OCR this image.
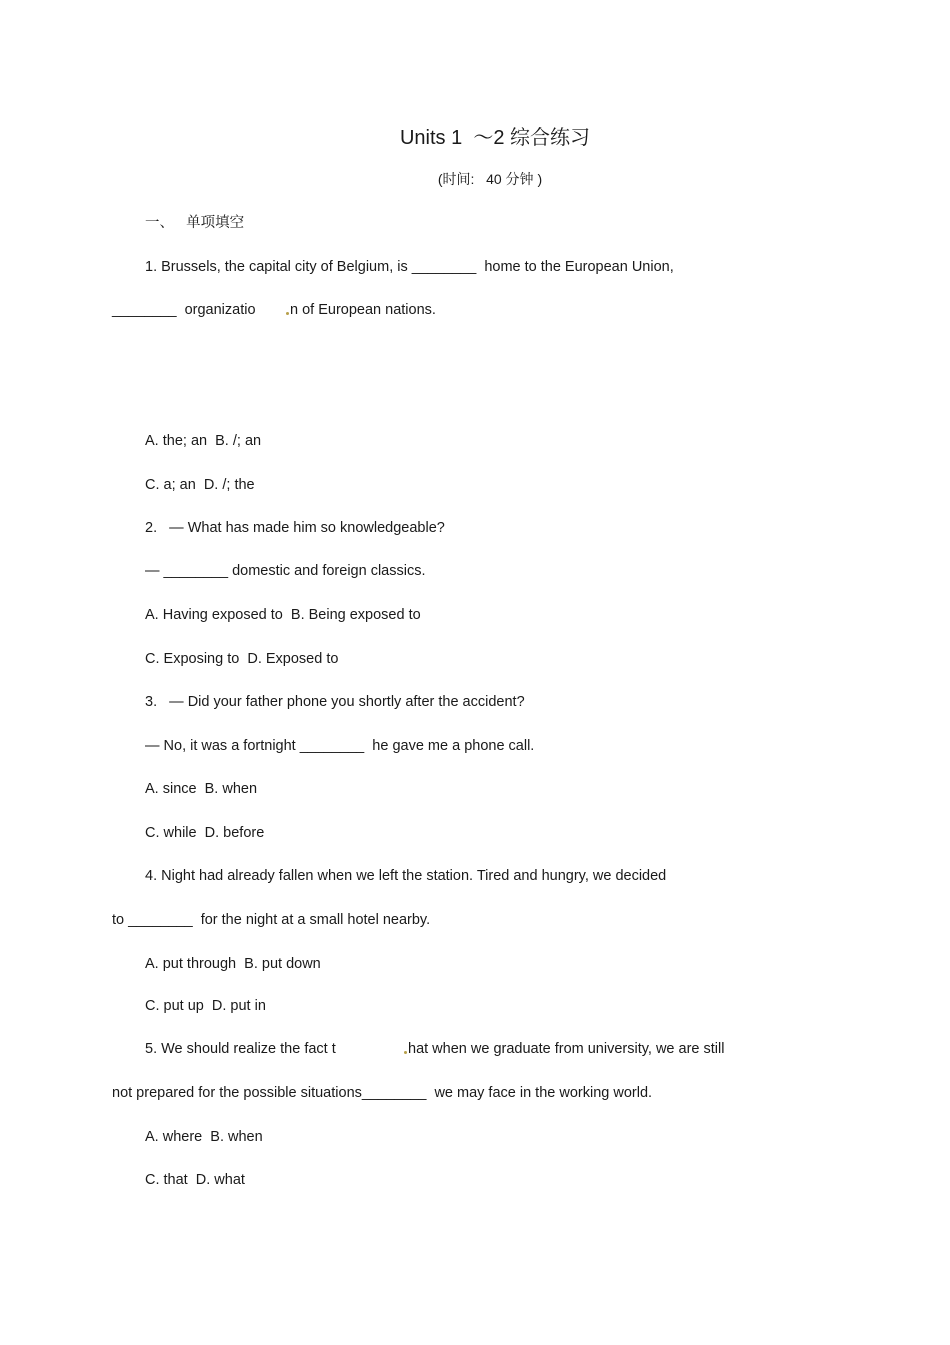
Units 1  ～2 综合练习
(时间:   40 分钟 )
一、   单项填空
1. Brussels, the capital city of Belgium, is ________  home to the European Union,
________  organizatio n of European nations.
A. the; an  B. /; an
C. a; an  D. /; the
2.   — What has made him so knowledgeable?
— ________ domestic and foreign classics.
A. Having exposed to  B. Being exposed to
C. Exposing to  D. Exposed to
3.   — Did your father phone you shortly after the accident?
— No, it was a fortnight ________  he gave me a phone call.
A. since  B. when
C. while  D. before
4. Night had already fallen when we left the station. Tired and hungry, we decided
to ________  for the night at a small hotel nearby.
A. put through  B. put down
C. put up  D. put in
5. We should realize the fact t	hat when we graduate from university, we are still
not prepared for the possible situations________  we may face in the working world.
A. where  B. when
C. that  D. what
